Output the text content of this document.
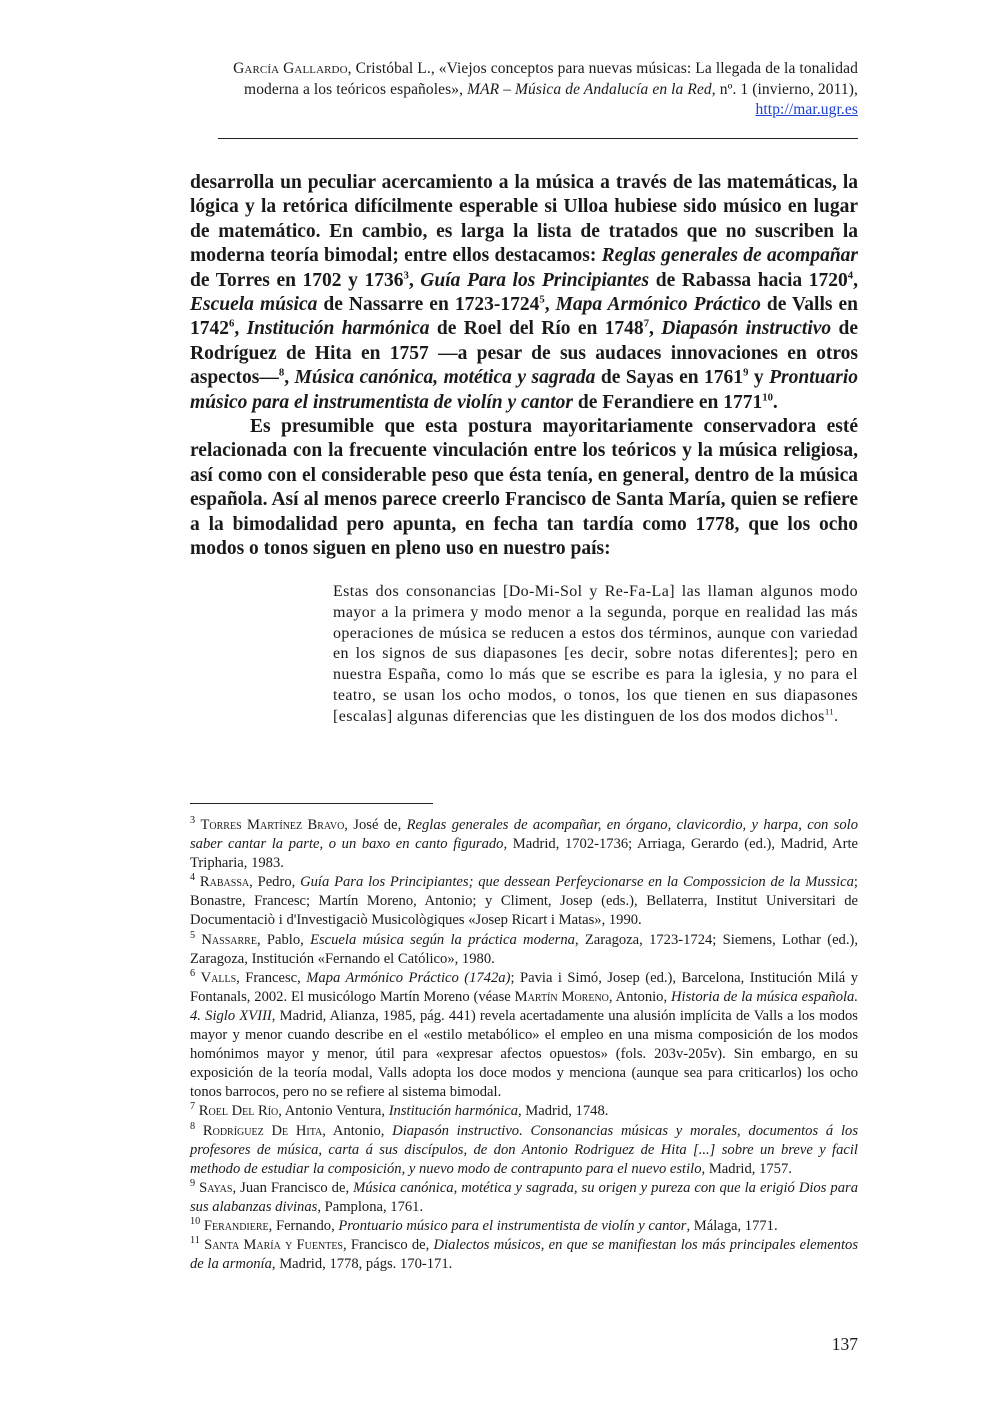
García Gallardo, Cristóbal L., «Viejos conceptos para nuevas músicas: La llegada de la tonalidad moderna a los teóricos españoles», MAR – Música de Andalucía en la Red, nº. 1 (invierno, 2011), http://mar.ugr.es

desarrolla un peculiar acercamiento a la música a través de las matemáticas, la lógica y la retórica difícilmente esperable si Ulloa hubiese sido músico en lugar de matemático. En cambio, es larga la lista de tratados que no suscriben la moderna teoría bimodal; entre ellos destacamos: Reglas generales de acompañar de Torres en 1702 y 1736$^3$, Guía Para los Principiantes de Rabassa hacia 1720$^4$, Escuela música de Nassarre en 1723-1724$^5$, Mapa Armónico Práctico de Valls en 1742$^6$, Institución harmónica de Roel del Río en 1748$^7$, Diapasón instructivo de Rodríguez de Hita en 1757 —a pesar de sus audaces innovaciones en otros aspectos—$^8$, Música canónica, motética y sagrada de Sayas en 1761$^9$ y Prontuario músico para el instrumentista de violín y cantor de Ferandiere en 1771$^{10}$.

Es presumible que esta postura mayoritariamente conservadora esté relacionada con la frecuente vinculación entre los teóricos y la música religiosa, así como con el considerable peso que ésta tenía, en general, dentro de la música española. Así al menos parece creerlo Francisco de Santa María, quien se refiere a la bimodalidad pero apunta, en fecha tan tardía como 1778, que los ocho modos o tonos siguen en pleno uso en nuestro país:

Estas dos consonancias [Do-Mi-Sol y Re-Fa-La] las llaman algunos modo mayor a la primera y modo menor a la segunda, porque en realidad las más operaciones de música se reducen a estos dos términos, aunque con variedad en los signos de sus diapasones [es decir, sobre notas diferentes]; pero en nuestra España, como lo más que se escribe es para la iglesia, y no para el teatro, se usan los ocho modos, o tonos, los que tienen en sus diapasones [escalas] algunas diferencias que les distinguen de los dos modos dichos$^{11}$.

$^3$ Torres Martínez Bravo, José de, Reglas generales de acompañar, en órgano, clavicordio, y harpa, con solo saber cantar la parte, o un baxo en canto figurado, Madrid, 1702-1736; Arriaga, Gerardo (ed.), Madrid, Arte Tripharia, 1983.

$^4$ Rabassa, Pedro, Guía Para los Principiantes; que dessean Perfeycionarse en la Compossicion de la Mussica; Bonastre, Francesc; Martín Moreno, Antonio; y Climent, Josep (eds.), Bellaterra, Institut Universitari de Documentaciò i d'Investigaciò Musicològiques «Josep Ricart i Matas», 1990.

$^5$ Nassarre, Pablo, Escuela música según la práctica moderna, Zaragoza, 1723-1724; Siemens, Lothar (ed.), Zaragoza, Institución «Fernando el Católico», 1980.

$^6$ Valls, Francesc, Mapa Armónico Práctico (1742a); Pavia i Simó, Josep (ed.), Barcelona, Institución Milá y Fontanals, 2002. El musicólogo Martín Moreno (véase Martín Moreno, Antonio, Historia de la música española. 4. Siglo XVIII, Madrid, Alianza, 1985, pág. 441) revela acertadamente una alusión implícita de Valls a los modos mayor y menor cuando describe en el «estilo metabólico» el empleo en una misma composición de los modos homónimos mayor y menor, útil para «expresar afectos opuestos» (fols. 203v-205v). Sin embargo, en su exposición de la teoría modal, Valls adopta los doce modos y menciona (aunque sea para criticarlos) los ocho tonos barrocos, pero no se refiere al sistema bimodal.

$^7$ Roel Del Río, Antonio Ventura, Institución harmónica, Madrid, 1748.

$^8$ Rodríguez De Hita, Antonio, Diapasón instructivo. Consonancias músicas y morales, documentos á los profesores de música, carta á sus discípulos, de don Antonio Rodriguez de Hita [...] sobre un breve y facil methodo de estudiar la composición, y nuevo modo de contrapunto para el nuevo estilo, Madrid, 1757.

$^9$ Sayas, Juan Francisco de, Música canónica, motética y sagrada, su origen y pureza con que la erigió Dios para sus alabanzas divinas, Pamplona, 1761.

$^{10}$ Ferandiere, Fernando, Prontuario músico para el instrumentista de violín y cantor, Málaga, 1771.

$^{11}$ Santa María y Fuentes, Francisco de, Dialectos músicos, en que se manifiestan los más principales elementos de la armonía, Madrid, 1778, págs. 170-171.

137
